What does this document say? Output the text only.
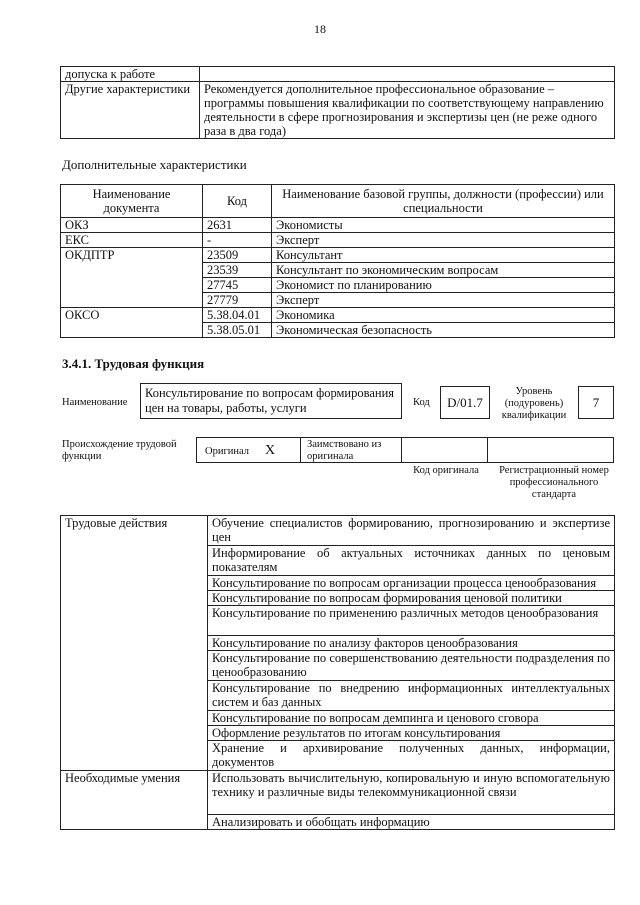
18
допуска к работе	
Другие характеристики	Рекомендуется дополнительное профессиональное образование – программы повышения квалификации по соответствующему направлению деятельности в сфере прогнозирования и экспертизы цен (не реже одного раза в два года)
Дополнительные характеристики
Наименование документа	Код	Наименование базовой группы, должности (профессии) или специальности
ОКЗ	2631	Экономисты
ЕКС	-	Эксперт
ОКДПТР	23509	Консультант
	23539	Консультант по экономическим вопросам
	27745	Экономист по планированию
	27779	Эксперт
ОКСО	5.38.04.01	Экономика
	5.38.05.01	Экономическая безопасность
3.4.1. Трудовая функция
Наименование
Консультирование по вопросам формирования цен на товары, работы, услуги	Код	D/01.7
Уровень (подуровень) квалификации
7
Происхождение трудовой функции	Оригинал X	Заимствовано из оригинала
Код оригинала	Регистрационный номер профессионального стандарта
Трудовые действия	Обучение специалистов формированию, прогнозированию и экспертизе цен
	Информирование об актуальных источниках данных по ценовым показателям
	Консультирование по вопросам организации процесса ценообразования
	Консультирование по вопросам формирования ценовой политики
	Консультирование по применению различных методов ценообразования
	Консультирование по анализу факторов ценообразования
	Консультирование по совершенствованию деятельности подразделения по ценообразованию
	Консультирование по внедрению информационных интеллектуальных систем и баз данных
	Консультирование по вопросам демпинга и ценового сговора
	Оформление результатов по итогам консультирования
	Хранение и архивирование полученных данных, информации, документов
Необходимые умения	Использовать вычислительную, копировальную и иную вспомогательную технику и различные виды телекоммуникационной связи
	Анализировать и обобщать информацию
